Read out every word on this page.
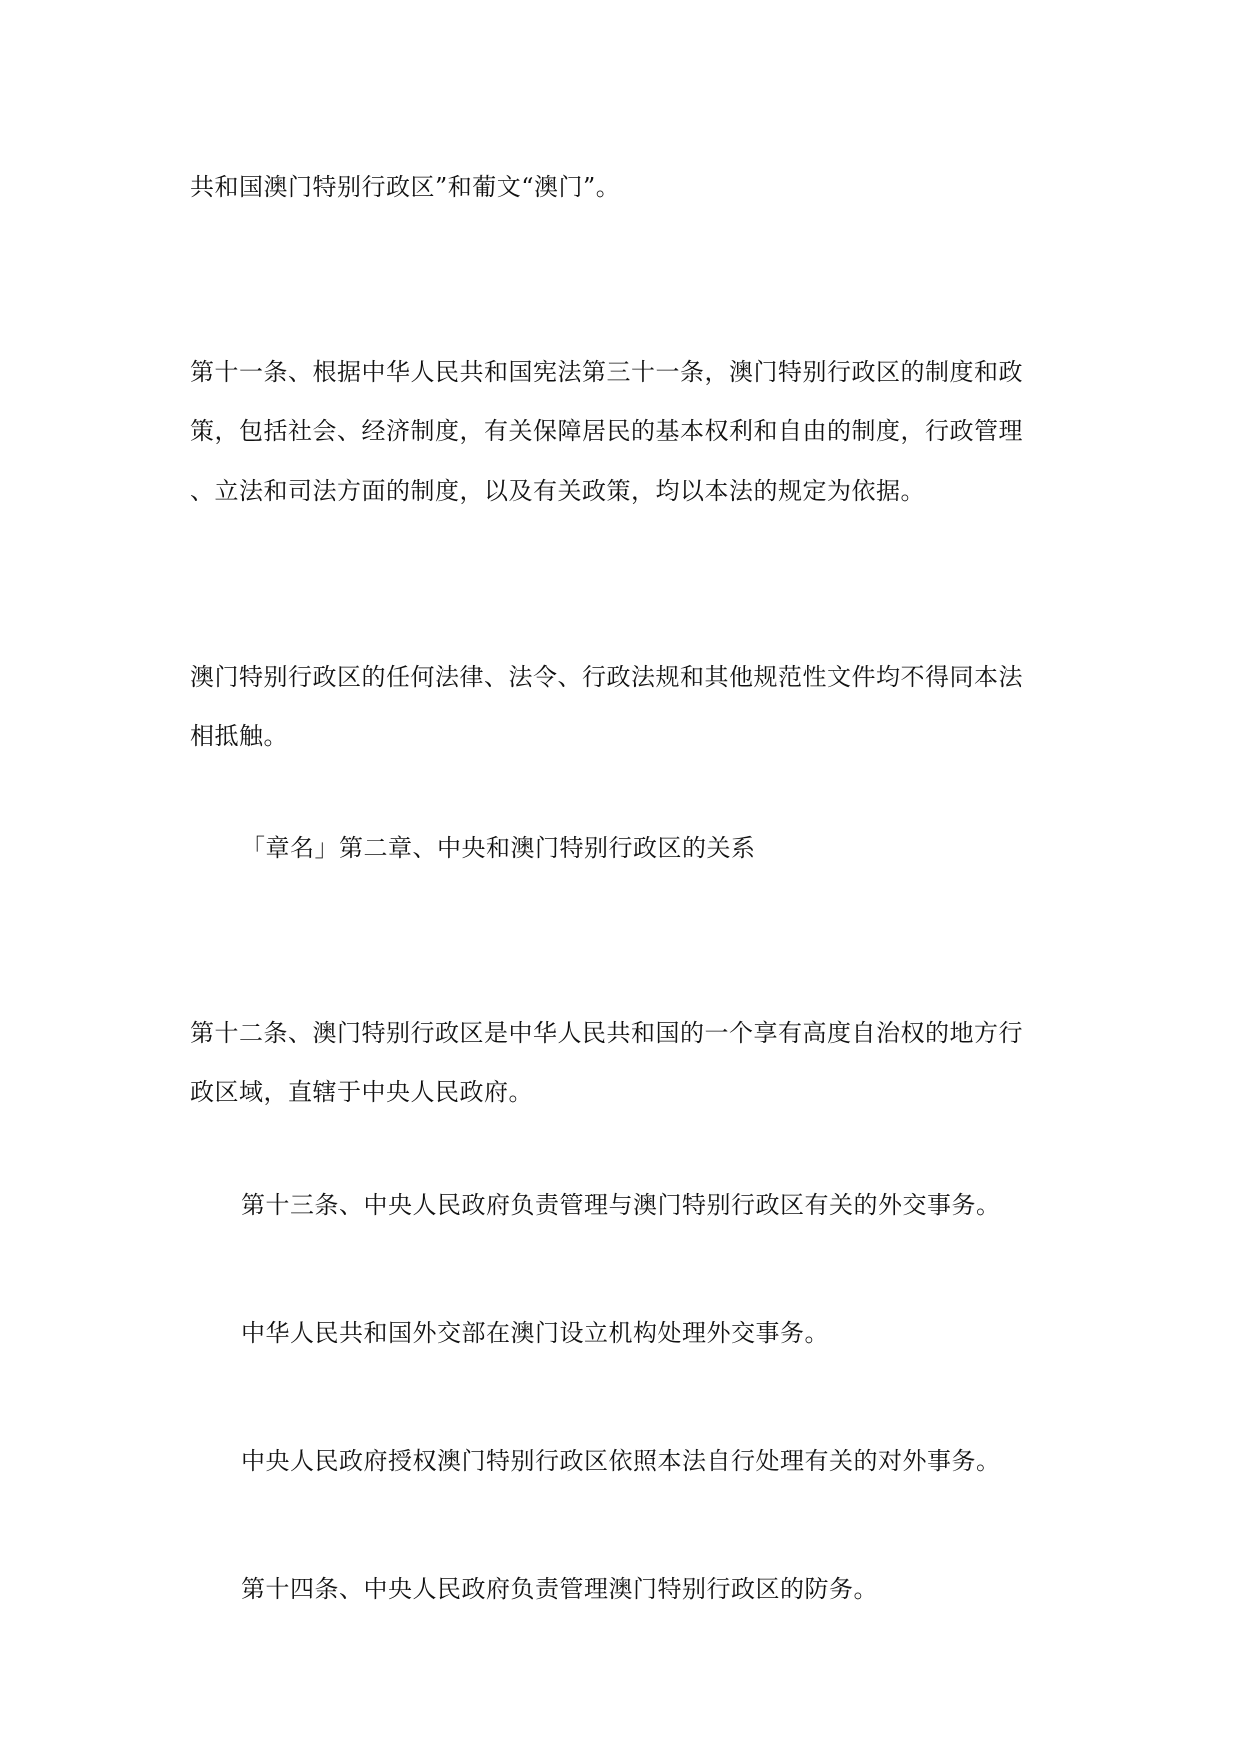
共和国澳门特别行政区”和葡文“澳门”。
第十一条、根据中华人民共和国宪法第三十一条，澳门特别行政区的制度和政
策，包括社会、经济制度，有关保障居民的基本权利和自由的制度，行政管理
、立法和司法方面的制度，以及有关政策，均以本法的规定为依据。
澳门特别行政区的任何法律、法令、行政法规和其他规范性文件均不得同本法
相抵触。
「章名」第二章、中央和澳门特别行政区的关系
第十二条、澳门特别行政区是中华人民共和国的一个享有高度自治权的地方行
政区域，直辖于中央人民政府。
第十三条、中央人民政府负责管理与澳门特别行政区有关的外交事务。
中华人民共和国外交部在澳门设立机构处理外交事务。
中央人民政府授权澳门特别行政区依照本法自行处理有关的对外事务。
第十四条、中央人民政府负责管理澳门特别行政区的防务。
